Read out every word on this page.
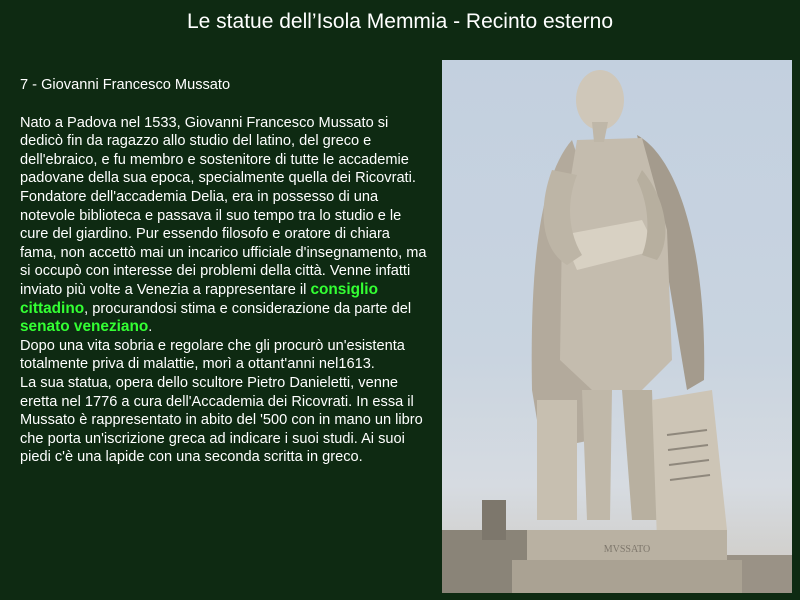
Le statue dell’Isola Memmia - Recinto esterno
7 - Giovanni Francesco Mussato
Nato a Padova nel 1533, Giovanni Francesco Mussato si dedicò fin da ragazzo allo studio del latino, del greco e dell'ebraico, e fu membro e sostenitore di tutte le accademie padovane della sua epoca, specialmente quella dei Ricovrati.
Fondatore dell'accademia Delia, era in possesso di una notevole biblioteca e passava il suo tempo tra lo studio e le cure del giardino. Pur essendo filosofo e oratore di chiara fama, non accettò mai un incarico ufficiale d'insegnamento, ma si occupò con interesse dei problemi della città. Venne infatti inviato più volte a Venezia a rappresentare il consiglio cittadino, procurandosi stima e considerazione da parte del senato veneziano.
Dopo una vita sobria e regolare che gli procurò un'esistenta totalmente priva di malattie, morì a ottant'anni nel1613.
La sua statua, opera dello scultore Pietro Danieletti, venne eretta nel 1776 a cura dell'Accademia dei Ricovrati. In essa il Mussato è rappresentato in abito del '500 con in mano un libro che porta un'iscrizione greca ad indicare i suoi studi. Ai suoi piedi c'è una lapide con una seconda scritta in greco.
MVSSATO
